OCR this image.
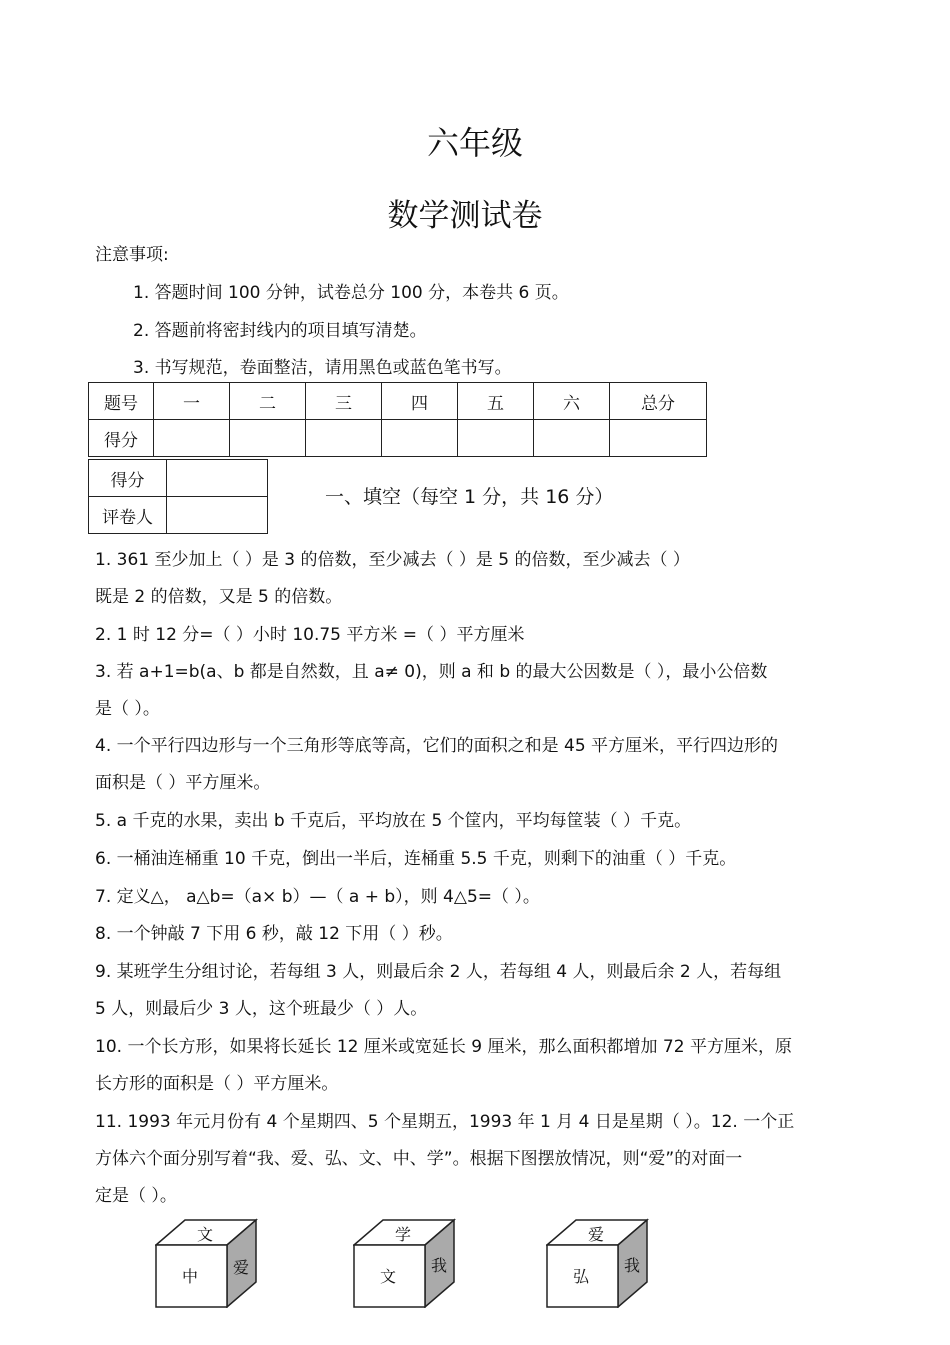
六年级
数学测试卷
注意事项:
1. 答题时间 100 分钟，试卷总分 100 分，本卷共 6 页。
2. 答题前将密封线内的项目填写清楚。
3. 书写规范，卷面整洁，请用黑色或蓝色笔书写。
题号	一	二	三	四	五	六	总分
得分							
得分	
评卷人	
一、填空（每空 1 分，共 16 分）
1. 361 至少加上（ ）是 3 的倍数，至少减去（ ）是 5 的倍数，至少减去（ ）
既是 2 的倍数，又是 5 的倍数。
2. 1 时 12 分=（ ）小时 10.75 平方米 =（ ）平方厘米
3. 若 a+1=b(a、b 都是自然数，且 a≠ 0)，则 a 和 b 的最大公因数是（ ），最小公倍数
是（ ）。
4. 一个平行四边形与一个三角形等底等高，它们的面积之和是 45 平方厘米，平行四边形的
面积是（ ）平方厘米。
5. a 千克的水果，卖出 b 千克后，平均放在 5 个筐内，平均每筐装（ ）千克。
6. 一桶油连桶重 10 千克，倒出一半后，连桶重 5.5 千克，则剩下的油重（ ）千克。
7. 定义△， a△b=（a× b）—（ a + b），则 4△5=（ ）。
8. 一个钟敲 7 下用 6 秒，敲 12 下用（ ）秒。
9. 某班学生分组讨论，若每组 3 人，则最后余 2 人，若每组 4 人，则最后余 2 人，若每组
5 人，则最后少 3 人，这个班最少（ ）人。
10. 一个长方形，如果将长延长 12 厘米或宽延长 9 厘米，那么面积都增加 72 平方厘米，原
长方形的面积是（ ）平方厘米。
11. 1993 年元月份有 4 个星期四、5 个星期五，1993 年 1 月 4 日是星期（ ）。12. 一个正
方体六个面分别写着“我、爱、弘、文、中、学”。根据下图摆放情况，则“爱”的对面一
定是（ ）。
文
中 爱
学
文
我
爱
弘
我
